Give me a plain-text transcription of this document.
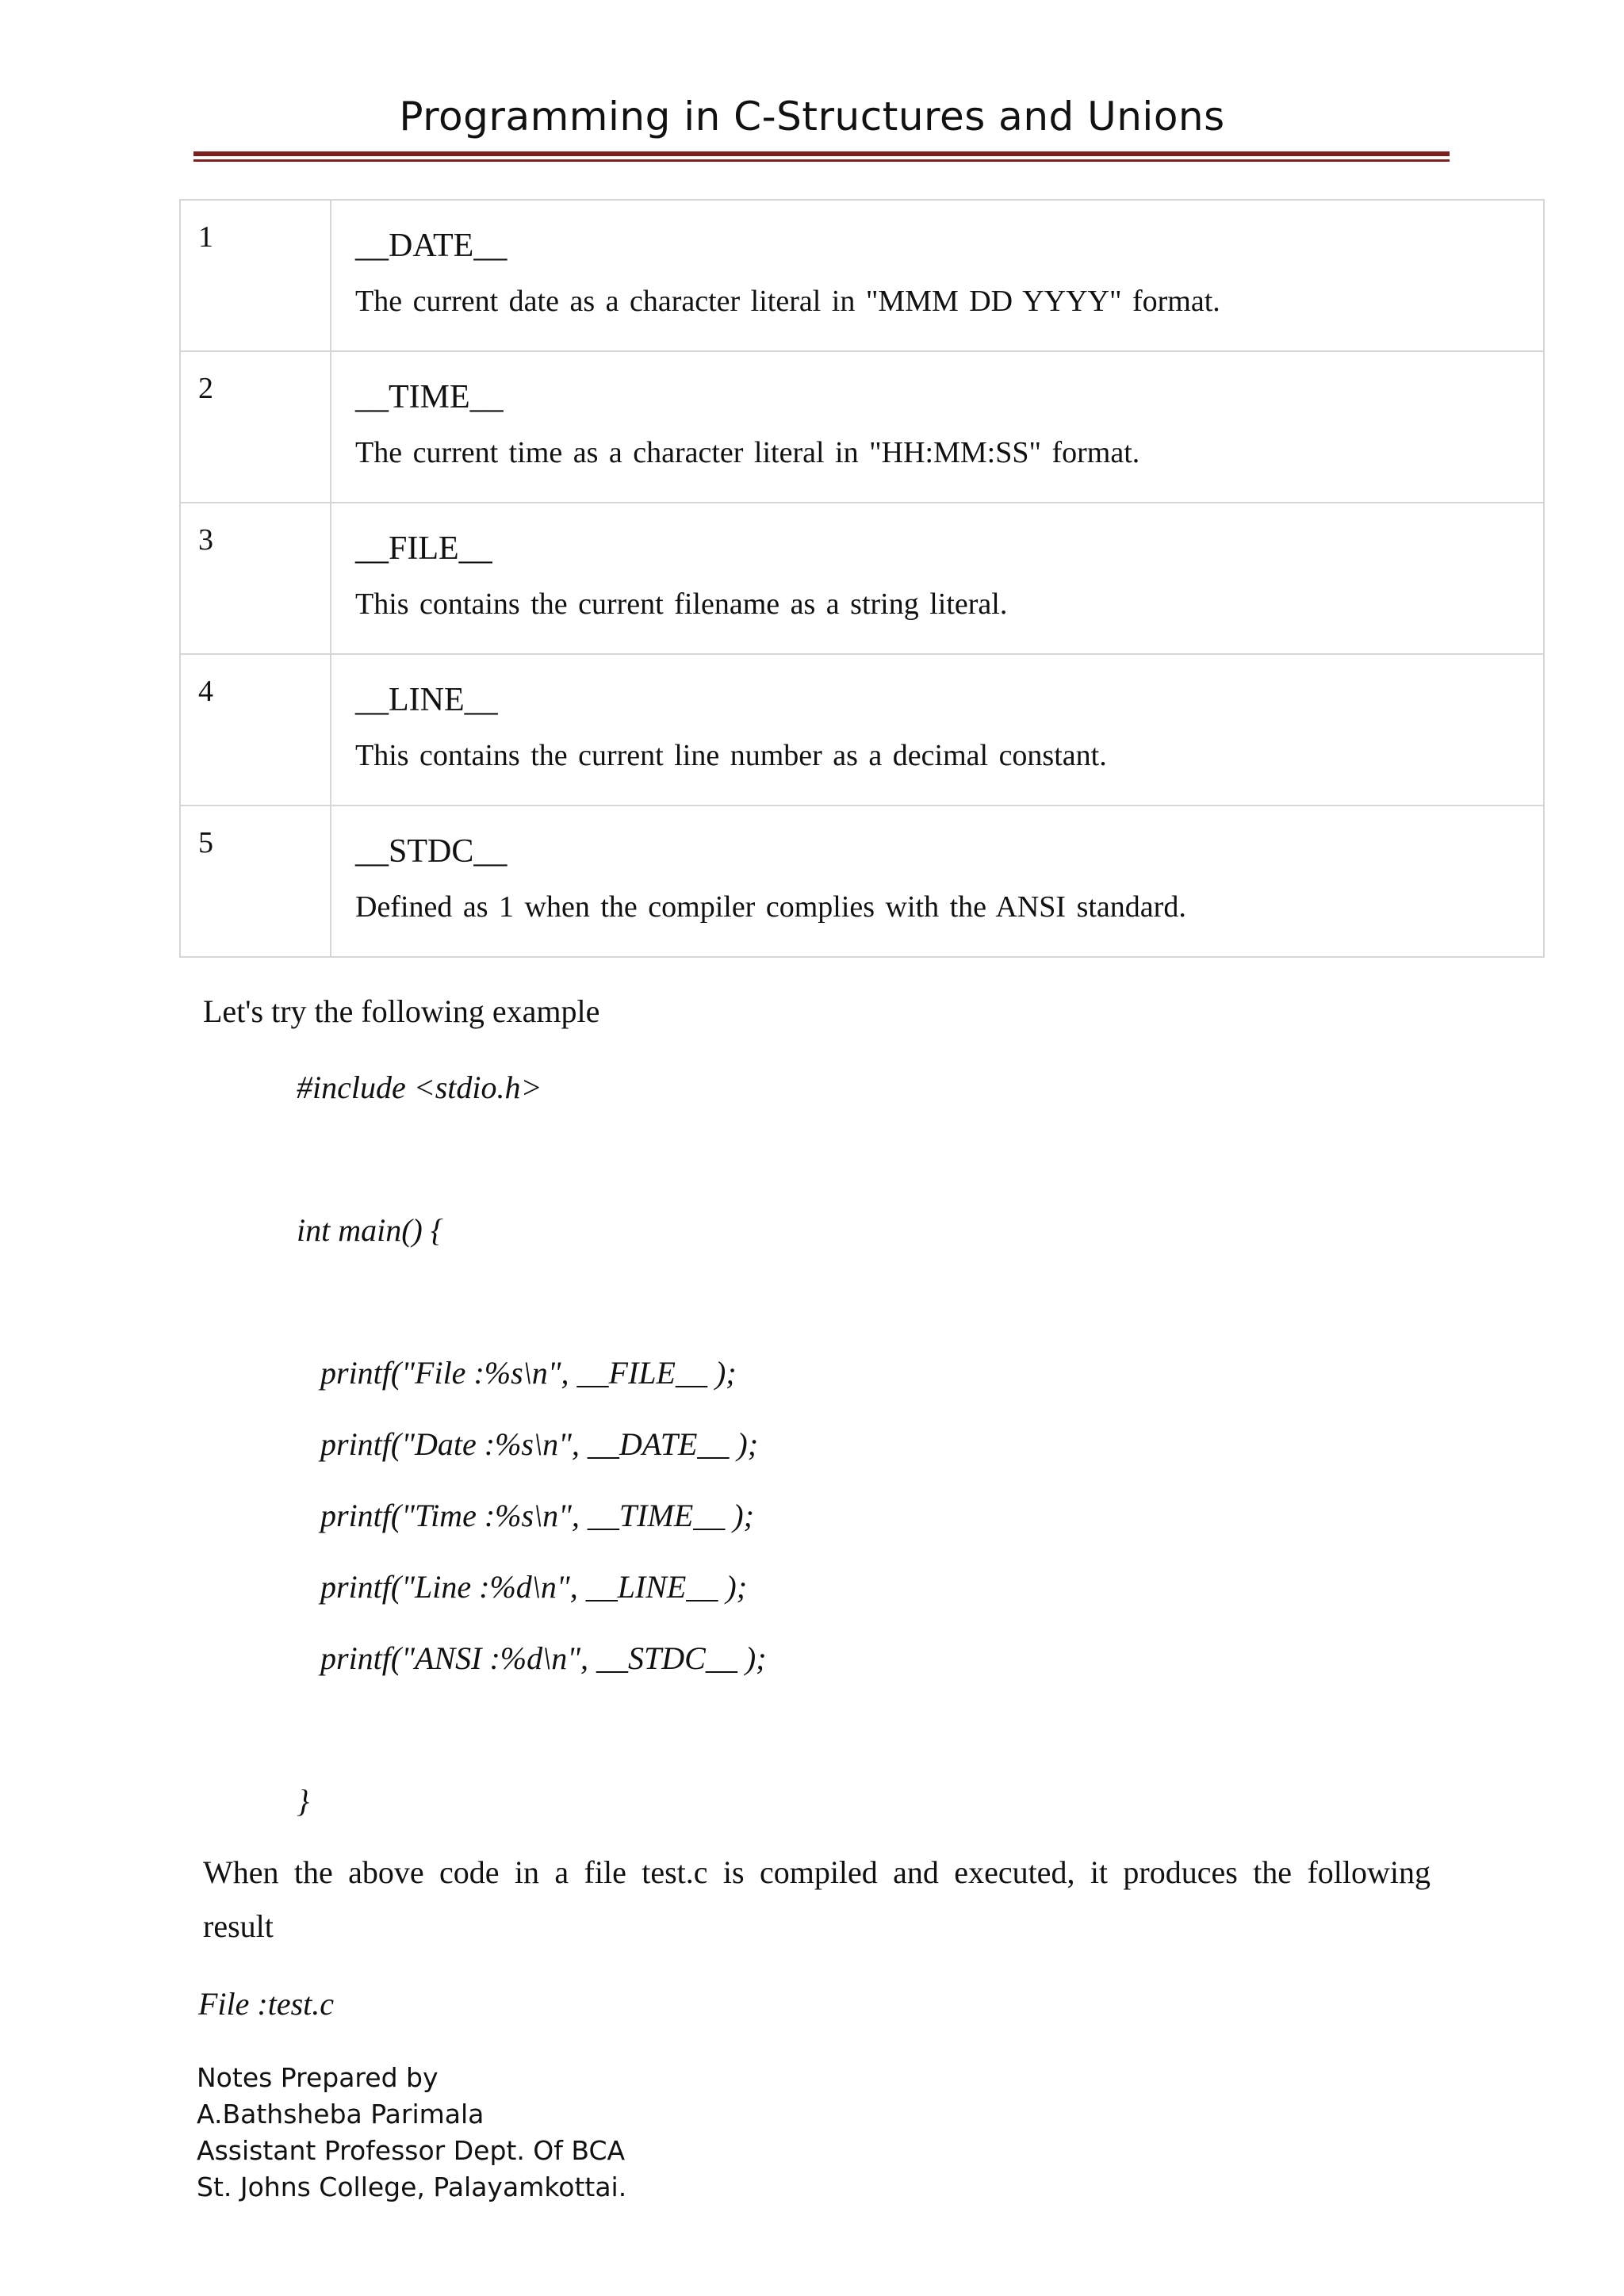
Programming in C-Structures and Unions
1	__DATE__
The current date as a character literal in "MMM DD YYYY" format.

2	__TIME__
The current time as a character literal in "HH:MM:SS" format.

3	__FILE__
This contains the current filename as a string literal.

4	__LINE__
This contains the current line number as a decimal constant.

5	__STDC__
Defined as 1 when the compiler complies with the ANSI standard.
Let's try the following example
#include <stdio.h>
int main() {
printf("File :%s\n", __FILE__ );
printf("Date :%s\n", __DATE__ );
printf("Time :%s\n", __TIME__ );
printf("Line :%d\n", __LINE__ );
printf("ANSI :%d\n", __STDC__ );
}
When the above code in a file test.c is compiled and executed, it produces the following result
File :test.c
Notes Prepared by
A.Bathsheba Parimala
Assistant Professor Dept. Of BCA
St. Johns College, Palayamkottai.
